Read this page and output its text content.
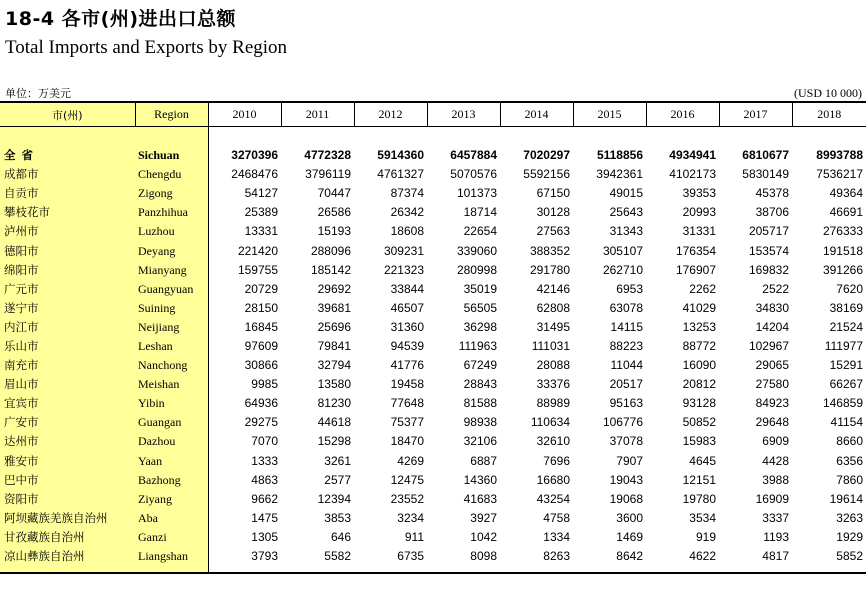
18-4 各市(州)进出口总额
Total Imports and Exports by Region
单位：万美元	(USD 10 000)
市(州)	Region	2010	2011	2012	2013	2014	2015	2016	2017	2018

全省	Sichuan	3270396	4772328	5914360	6457884	7020297	5118856	4934941	6810677	8993788
成都市	Chengdu	2468476	3796119	4761327	5070576	5592156	3942361	4102173	5830149	7536217
自贡市	Zigong	54127	70447	87374	101373	67150	49015	39353	45378	49364
攀枝花市	Panzhihua	25389	26586	26342	18714	30128	25643	20993	38706	46691
泸州市	Luzhou	13331	15193	18608	22654	27563	31343	31331	205717	276333
德阳市	Deyang	221420	288096	309231	339060	388352	305107	176354	153574	191518
绵阳市	Mianyang	159755	185142	221323	280998	291780	262710	176907	169832	391266
广元市	Guangyuan	20729	29692	33844	35019	42146	6953	2262	2522	7620
遂宁市	Suining	28150	39681	46507	56505	62808	63078	41029	34830	38169
内江市	Neijiang	16845	25696	31360	36298	31495	14115	13253	14204	21524
乐山市	Leshan	97609	79841	94539	111963	111031	88223	88772	102967	111977
南充市	Nanchong	30866	32794	41776	67249	28088	11044	16090	29065	15291
眉山市	Meishan	9985	13580	19458	28843	33376	20517	20812	27580	66267
宜宾市	Yibin	64936	81230	77648	81588	88989	95163	93128	84923	146859
广安市	Guangan	29275	44618	75377	98938	110634	106776	50852	29648	41154
达州市	Dazhou	7070	15298	18470	32106	32610	37078	15983	6909	8660
雅安市	Yaan	1333	3261	4269	6887	7696	7907	4645	4428	6356
巴中市	Bazhong	4863	2577	12475	14360	16680	19043	12151	3988	7860
资阳市	Ziyang	9662	12394	23552	41683	43254	19068	19780	16909	19614
阿坝藏族羌族自治州	Aba	1475	3853	3234	3927	4758	3600	3534	3337	3263
甘孜藏族自治州	Ganzi	1305	646	911	1042	1334	1469	919	1193	1929
凉山彝族自治州	Liangshan	3793	5582	6735	8098	8263	8642	4622	4817	5852
